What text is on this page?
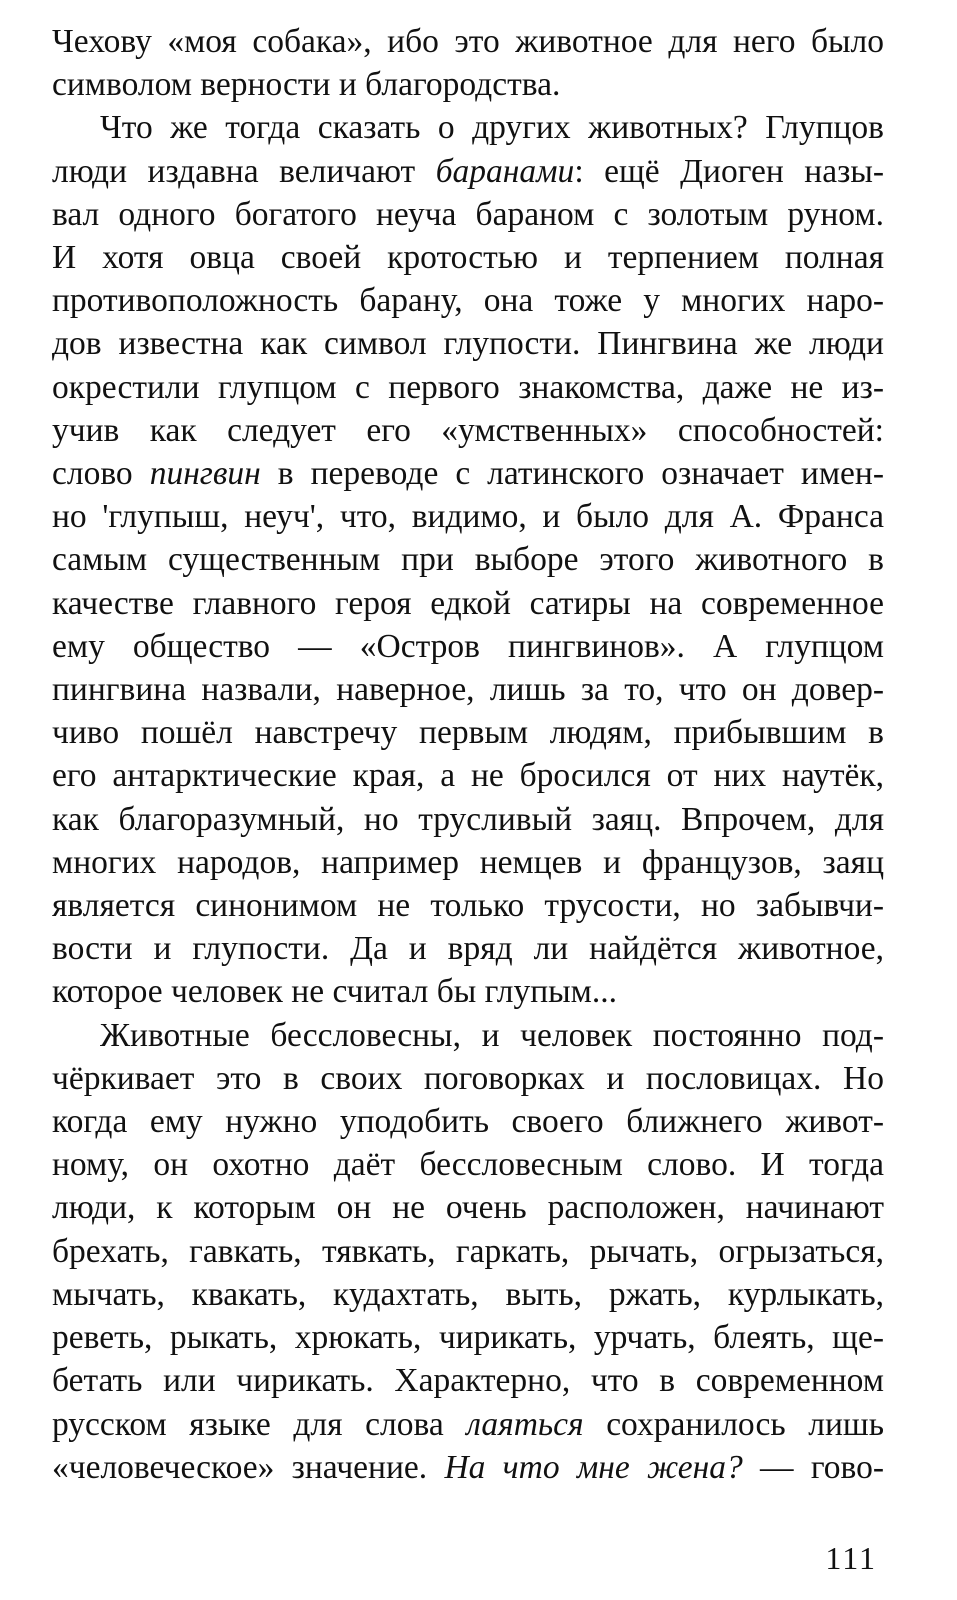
Чехову «моя собака», ибо это животное для него было
символом верности и благородства.
Что же тогда сказать о других животных? Глупцов
люди издавна величают баранами: ещё Диоген назы-
вал одного богатого неуча бараном с золотым руном.
И хотя овца своей кротостью и терпением полная
противоположность барану, она тоже у многих наро-
дов известна как символ глупости. Пингвина же люди
окрестили глупцом с первого знакомства, даже не из-
учив как следует его «умственных» способностей:
слово пингвин в переводе с латинского означает имен-
но 'глупыш, неуч', что, видимо, и было для А. Франса
самым существенным при выборе этого животного в
качестве главного героя едкой сатиры на современное
ему общество — «Остров пингвинов». А глупцом
пингвина назвали, наверное, лишь за то, что он довер-
чиво пошёл навстречу первым людям, прибывшим в
его антарктические края, а не бросился от них наутёк,
как благоразумный, но трусливый заяц. Впрочем, для
многих народов, например немцев и французов, заяц
является синонимом не только трусости, но забывчи-
вости и глупости. Да и вряд ли найдётся животное,
которое человек не считал бы глупым...
Животные бессловесны, и человек постоянно под-
чёркивает это в своих поговорках и пословицах. Но
когда ему нужно уподобить своего ближнего живот-
ному, он охотно даёт бессловесным слово. И тогда
люди, к которым он не очень расположен, начинают
брехать, гавкать, тявкать, гаркать, рычать, огрызаться,
мычать, квакать, кудахтать, выть, ржать, курлыкать,
реветь, рыкать, хрюкать, чирикать, урчать, блеять, ще-
бетать или чирикать. Характерно, что в современном
русском языке для слова лаяться сохранилось лишь
«человеческое» значение. На что мне жена? — гово-
111
